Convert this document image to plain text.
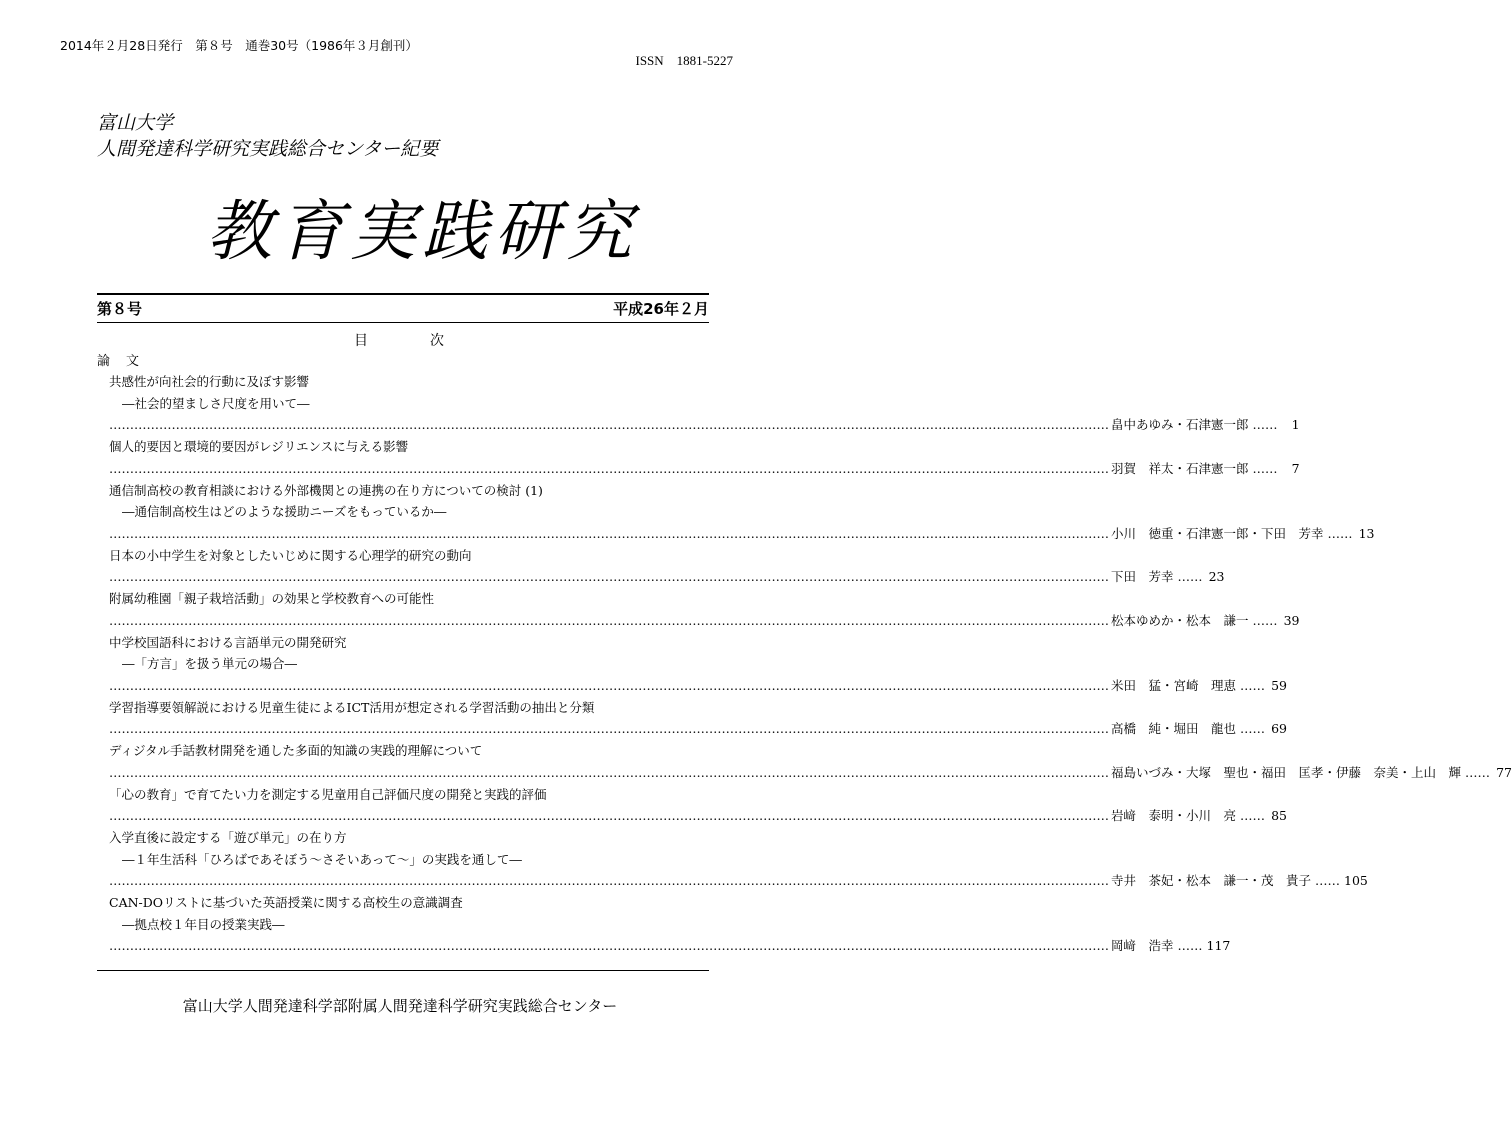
2014年２月28日発行　第８号　通巻30号（1986年３月創刊）
ISSN　1881-5227
富山大学
人間発達科学研究実践総合センター紀要
教育実践研究
第８号	平成26年２月
目次
論文
共感性が向社会的行動に及ぼす影響
―社会的望ましさ尺度を用いて―
…………………………………………………………………………………………………………………………………………………………………………………………………………………… 畠中あゆみ・石津憲一郎 ……	1
個人的要因と環境的要因がレジリエンスに与える影響
…………………………………………………………………………………………………………………………………………………………………………………………………………………… 羽賀　祥太・石津憲一郎 ……	7
通信制高校の教育相談における外部機関との連携の在り方についての検討 (1)
―通信制高校生はどのような援助ニーズをもっているか―
…………………………………………………………………………………………………………………………………………………………………………………………………………………… 小川　徳重・石津憲一郎・下田　芳幸 …… 13
日本の小中学生を対象としたいじめに関する心理学的研究の動向
…………………………………………………………………………………………………………………………………………………………………………………………………………………… 下田　芳幸 …… 23
附属幼稚園「親子栽培活動」の効果と学校教育への可能性
…………………………………………………………………………………………………………………………………………………………………………………………………………………… 松本ゆめか・松本　謙一 …… 39
中学校国語科における言語単元の開発研究
―「方言」を扱う単元の場合―
…………………………………………………………………………………………………………………………………………………………………………………………………………………… 米田　猛・宮崎　理恵 …… 59
学習指導要領解説における児童生徒によるICT活用が想定される学習活動の抽出と分類
…………………………………………………………………………………………………………………………………………………………………………………………………………………… 高橋　純・堀田　龍也 …… 69
ディジタル手話教材開発を通した多面的知識の実践的理解について
…………………………………………………………………………………………………………………………………………………………………………………………………………………… 福島いづみ・大塚　聖也・福田　匡孝・伊藤　奈美・上山　輝 …… 77
「心の教育」で育てたい力を測定する児童用自己評価尺度の開発と実践的評価
…………………………………………………………………………………………………………………………………………………………………………………………………………………… 岩﨑　泰明・小川　亮 …… 85
入学直後に設定する「遊び単元」の在り方
―１年生活科「ひろばであそぼう～さそいあって～」の実践を通して―
…………………………………………………………………………………………………………………………………………………………………………………………………………………… 寺井　茶妃・松本　謙一・茂　貴子 …… 105
CAN-DOリストに基づいた英語授業に関する高校生の意識調査
―拠点校１年目の授業実践―
…………………………………………………………………………………………………………………………………………………………………………………………………………………… 岡﨑　浩幸 …… 117
富山大学人間発達科学部附属人間発達科学研究実践総合センター
